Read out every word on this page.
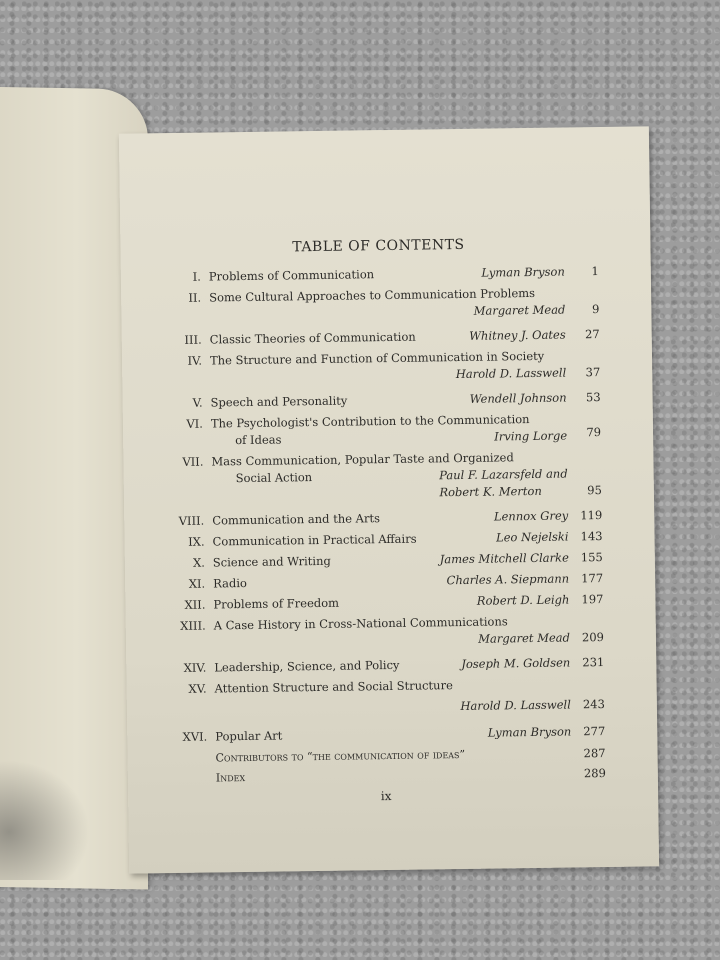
TABLE OF CONTENTS
I. Problems of Communication	Lyman Bryson	1
II. Some Cultural Approaches to Communication Problems
Margaret Mead	9
III. Classic Theories of Communication	Whitney J. Oates	27
IV. The Structure and Function of Communication in Society
Harold D. Lasswell	37
V. Speech and Personality	Wendell Johnson	53
VI. The Psychologist's Contribution to the Communication
of Ideas	Irving Lorge	79
VII. Mass Communication, Popular Taste and Organized
Social Action	Paul F. Lazarsfeld and
Robert K. Merton	95
VIII. Communication and the Arts	Lennox Grey	119
IX. Communication in Practical Affairs	Leo Nejelski	143
X. Science and Writing	James Mitchell Clarke	155
XI. Radio	Charles A. Siepmann	177
XII. Problems of Freedom	Robert D. Leigh	197
XIII. A Case History in Cross-National Communications
Margaret Mead	209
XIV. Leadership, Science, and Policy	Joseph M. Goldsen	231
XV. Attention Structure and Social Structure
Harold D. Lasswell	243
XVI. Popular Art	Lyman Bryson	277
Contributors to “the communication of ideas”	287
Index	289
ix
